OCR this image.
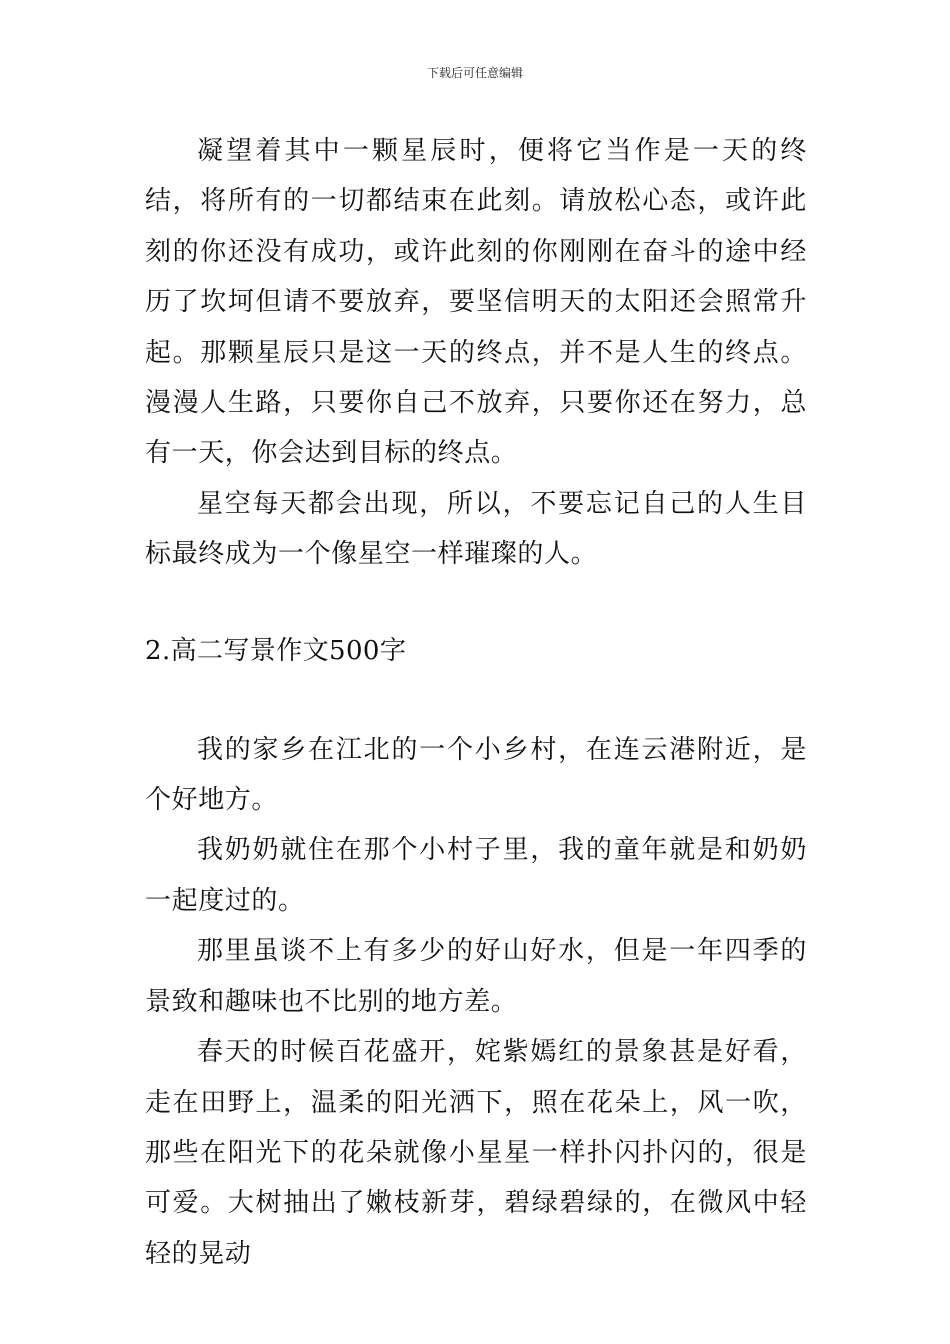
下载后可任意编辑

凝望着其中一颗星辰时，便将它当作是一天的终结，将所有的一切都结束在此刻。请放松心态，或许此刻的你还没有成功，或许此刻的你刚刚在奋斗的途中经历了坎坷但请不要放弃，要坚信明天的太阳还会照常升起。那颗星辰只是这一天的终点，并不是人生的终点。漫漫人生路，只要你自己不放弃，只要你还在努力，总有一天，你会达到目标的终点。

星空每天都会出现，所以，不要忘记自己的人生目标最终成为一个像星空一样璀璨的人。

2.高二写景作文500字

我的家乡在江北的一个小乡村，在连云港附近，是个好地方。

我奶奶就住在那个小村子里，我的童年就是和奶奶一起度过的。

那里虽谈不上有多少的好山好水，但是一年四季的景致和趣味也不比别的地方差。

春天的时候百花盛开，姹紫嫣红的景象甚是好看，走在田野上，温柔的阳光洒下，照在花朵上，风一吹，那些在阳光下的花朵就像小星星一样扑闪扑闪的，很是可爱。大树抽出了嫩枝新芽，碧绿碧绿的，在微风中轻轻的晃动
